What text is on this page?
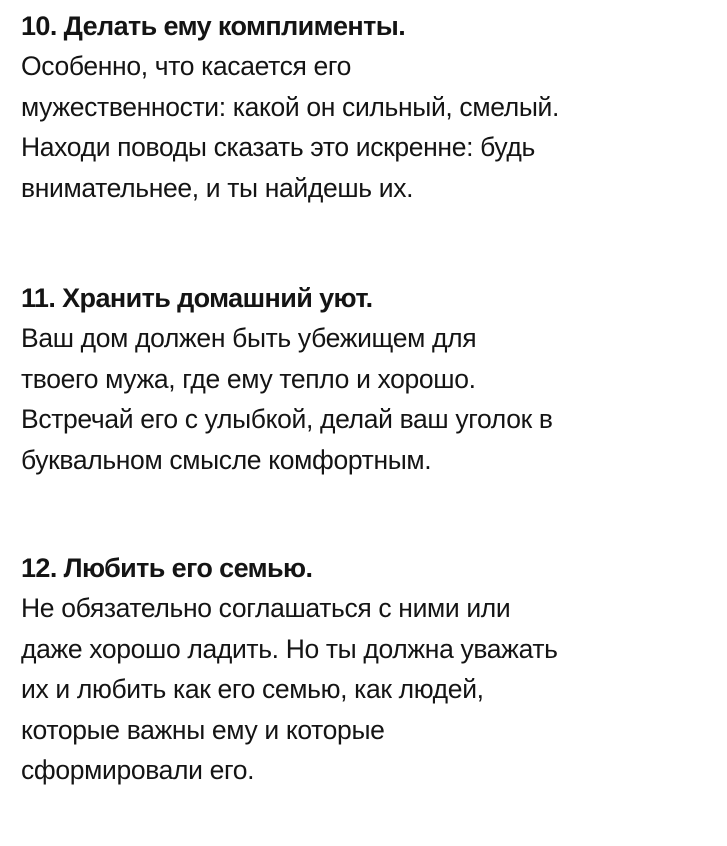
10. Делать ему комплименты.

Особенно, что касается его

мужественности: какой он сильный, смелый.

Находи поводы сказать это искренне: будь

внимательнее, и ты найдешь их.

11. Хранить домашний уют.

Ваш дом должен быть убежищем для

твоего мужа, где ему тепло и хорошо.

Встречай его с улыбкой, делай ваш уголок в

буквальном смысле комфортным.

12. Любить его семью.

Не обязательно соглашаться с ними или

даже хорошо ладить. Но ты должна уважать

их и любить как его семью, как людей,

которые важны ему и которые

сформировали его.
